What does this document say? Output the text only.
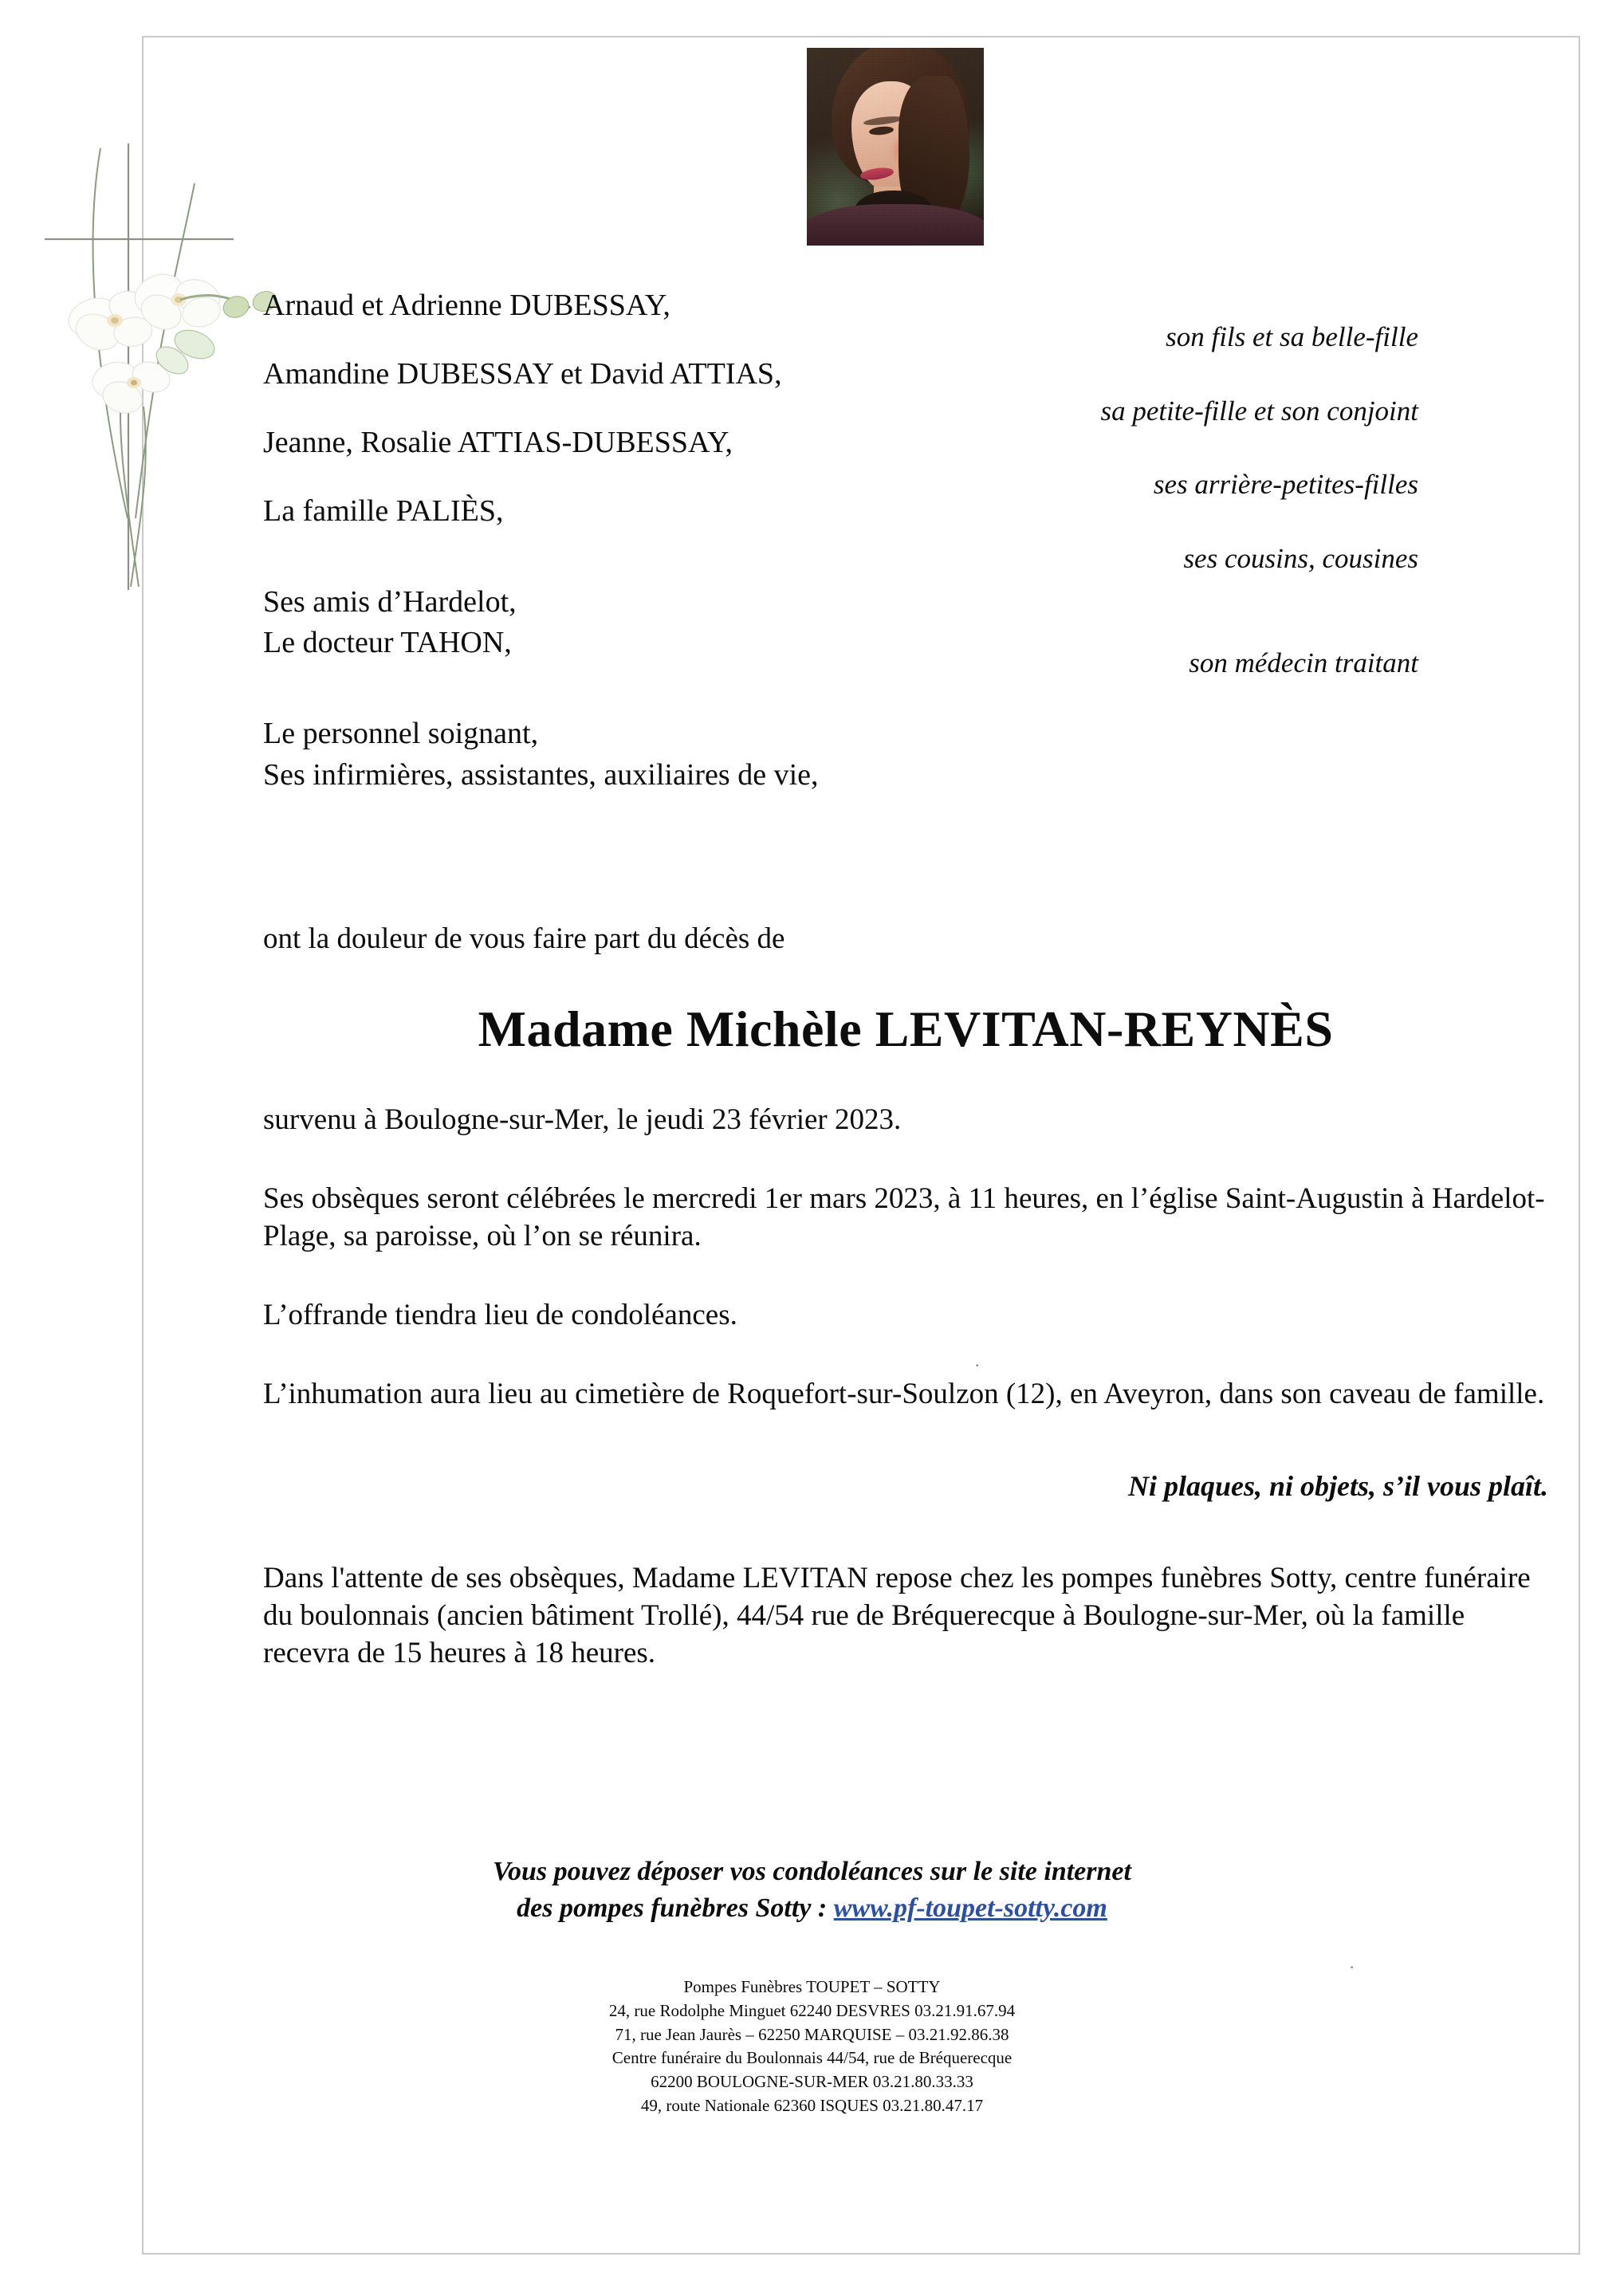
Arnaud et Adrienne DUBESSAY,

Amandine DUBESSAY et David ATTIAS,

Jeanne, Rosalie ATTIAS-DUBESSAY,

La famille PALIÈS,

Ses amis d’Hardelot,

Le docteur TAHON,

Le personnel soignant,

Ses infirmières, assistantes, auxiliaires de vie,

son fils et sa belle-fille

sa petite-fille et son conjoint

ses arrière-petites-filles

ses cousins, cousines

son médecin traitant

ont la douleur de vous faire part du décès de

Madame Michèle LEVITAN-REYNÈS

survenu à Boulogne-sur-Mer, le jeudi 23 février 2023.

Ses obsèques seront célébrées le mercredi 1er mars 2023, à 11 heures, en l’église Saint-Augustin à Hardelot-Plage, sa paroisse, où l’on se réunira.

L’offrande tiendra lieu de condoléances.

L’inhumation aura lieu au cimetière de Roquefort-sur-Soulzon (12), en Aveyron, dans son caveau de famille.

Ni plaques, ni objets, s’il vous plaît.

Dans l'attente de ses obsèques, Madame LEVITAN repose chez les pompes funèbres Sotty, centre funéraire du boulonnais (ancien bâtiment Trollé), 44/54 rue de Bréquerecque à Boulogne-sur-Mer, où la famille recevra de 15 heures à 18 heures.

Vous pouvez déposer vos condoléances sur le site internet
des pompes funèbres Sotty : www.pf-toupet-sotty.com
Pompes Funèbres TOUPET – SOTTY
24, rue Rodolphe Minguet 62240 DESVRES 03.21.91.67.94
71, rue Jean Jaurès – 62250 MARQUISE – 03.21.92.86.38
Centre funéraire du Boulonnais 44/54, rue de Bréquerecque
62200 BOULOGNE-SUR-MER 03.21.80.33.33
49, route Nationale 62360 ISQUES 03.21.80.47.17
·
·
